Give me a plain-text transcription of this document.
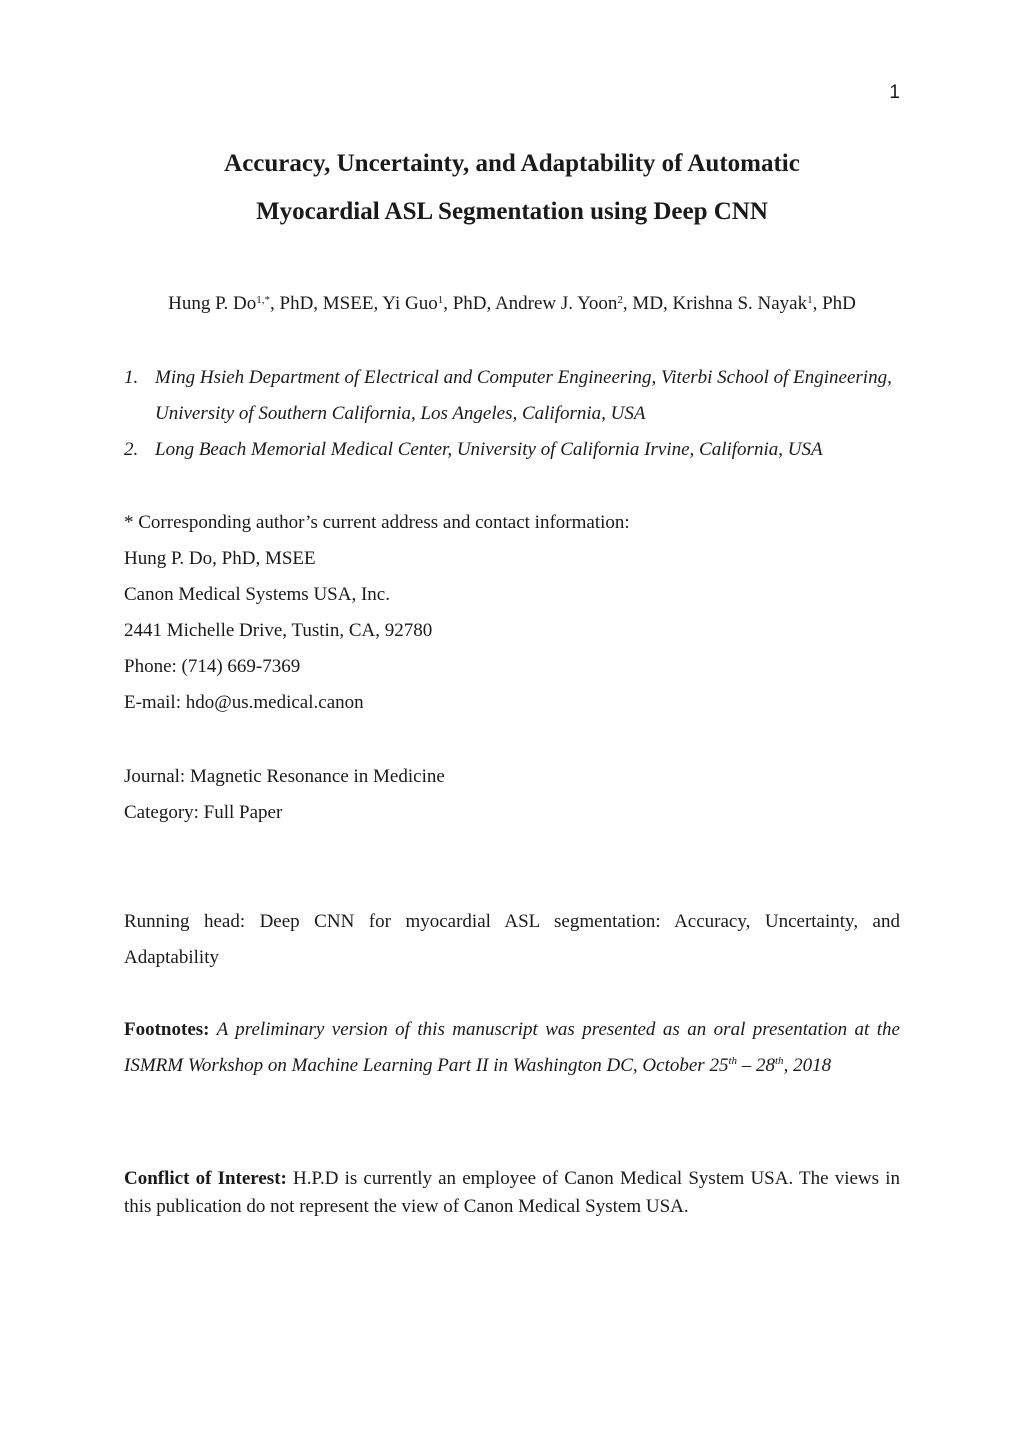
1
Accuracy, Uncertainty, and Adaptability of Automatic
Myocardial ASL Segmentation using Deep CNN
Hung P. $Do^{1,*}$, PhD, MSEE, Yi Guo$^1$, PhD, Andrew J. Yoon$^2$, MD, Krishna S. Nayak$^1$, PhD
1. Ming Hsieh Department of Electrical and Computer Engineering, Viterbi School of Engineering, University of Southern California, Los Angeles, California, USA
2. Long Beach Memorial Medical Center, University of California Irvine, California, USA
* Corresponding author’s current address and contact information:
Hung P. Do, PhD, MSEE
Canon Medical Systems USA, Inc.
2441 Michelle Drive, Tustin, CA, 92780
Phone: (714) 669-7369
E-mail: hdo@us.medical.canon
Journal: Magnetic Resonance in Medicine
Category: Full Paper
Running head: Deep CNN for myocardial ASL segmentation: Accuracy, Uncertainty, and Adaptability
Footnotes: A preliminary version of this manuscript was presented as an oral presentation at the ISMRM Workshop on Machine Learning Part II in Washington DC, October 25th – 28th, 2018
Conflict of Interest: H.P.D is currently an employee of Canon Medical System USA. The views in this publication do not represent the view of Canon Medical System USA.
